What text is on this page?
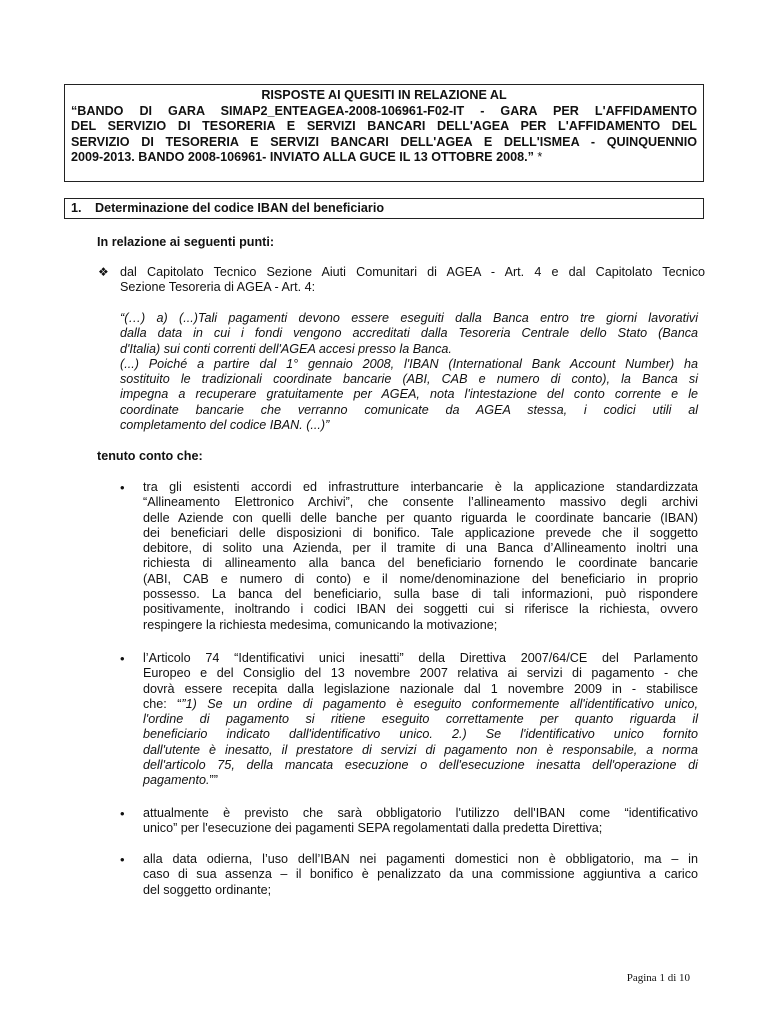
RISPOSTE AI QUESITI IN RELAZIONE AL
“BANDO DI GARA SIMAP2_ENTEAGEA-2008-106961-F02-IT - GARA PER L'AFFIDAMENTO
DEL SERVIZIO DI TESORERIA E SERVIZI BANCARI DELL'AGEA PER L'AFFIDAMENTO DEL
SERVIZIO DI TESORERIA E SERVIZI BANCARI DELL'AGEA E DELL'ISMEA - QUINQUENNIO
2009-2013. BANDO 2008-106961- INVIATO ALLA GUCE IL 13 OTTOBRE 2008.” *
1. Determinazione del codice IBAN del beneficiario
In relazione ai seguenti punti:
❖ dal Capitolato Tecnico Sezione Aiuti Comunitari di AGEA - Art. 4 e dal Capitolato Tecnico
Sezione Tesoreria di AGEA - Art. 4:
“(…) a) (...)Tali pagamenti devono essere eseguiti dalla Banca entro tre giorni lavorativi
dalla data in cui i fondi vengono accreditati dalla Tesoreria Centrale dello Stato (Banca
d'Italia) sui conti correnti dell'AGEA accesi presso la Banca.
(...) Poiché a partire dal 1° gennaio 2008, l'IBAN (International Bank Account Number) ha
sostituito le tradizionali coordinate bancarie (ABI, CAB e numero di conto), la Banca si
impegna a recuperare gratuitamente per AGEA, nota l'intestazione del conto corrente e le
coordinate bancarie che verranno comunicate da AGEA stessa, i codici utili al
completamento del codice IBAN. (...)”
tenuto conto che:
• tra gli esistenti accordi ed infrastrutture interbancarie è la applicazione standardizzata
“Allineamento Elettronico Archivi”, che consente l’allineamento massivo degli archivi
delle Aziende con quelli delle banche per quanto riguarda le coordinate bancarie (IBAN)
dei beneficiari delle disposizioni di bonifico. Tale applicazione prevede che il soggetto
debitore, di solito una Azienda, per il tramite di una Banca d’Allineamento inoltri una
richiesta di allineamento alla banca del beneficiario fornendo le coordinate bancarie
(ABI, CAB e numero di conto) e il nome/denominazione del beneficiario in proprio
possesso. La banca del beneficiario, sulla base di tali informazioni, può rispondere
positivamente, inoltrando i codici IBAN dei soggetti cui si riferisce la richiesta, ovvero
respingere la richiesta medesima, comunicando la motivazione;
• l’Articolo 74 “Identificativi unici inesatti” della Direttiva 2007/64/CE del Parlamento
Europeo e del Consiglio del 13 novembre 2007 relativa ai servizi di pagamento - che
dovrà essere recepita dalla legislazione nazionale dal 1 novembre 2009 in - stabilisce
che: “”1) Se un ordine di pagamento è eseguito conformemente all'identificativo unico,
l'ordine di pagamento si ritiene eseguito correttamente per quanto riguarda il
beneficiario indicato dall'identificativo unico. 2.) Se l'identificativo unico fornito
dall'utente è inesatto, il prestatore di servizi di pagamento non è responsabile, a norma
dell'articolo 75, della mancata esecuzione o dell'esecuzione inesatta dell'operazione di
pagamento.””
• attualmente è previsto che sarà obbligatorio l'utilizzo dell'IBAN come “identificativo
unico” per l'esecuzione dei pagamenti SEPA regolamentati dalla predetta Direttiva;
• alla data odierna, l’uso dell’IBAN nei pagamenti domestici non è obbligatorio, ma – in
caso di sua assenza – il bonifico è penalizzato da una commissione aggiuntiva a carico
del soggetto ordinante;
Pagina 1 di 10
